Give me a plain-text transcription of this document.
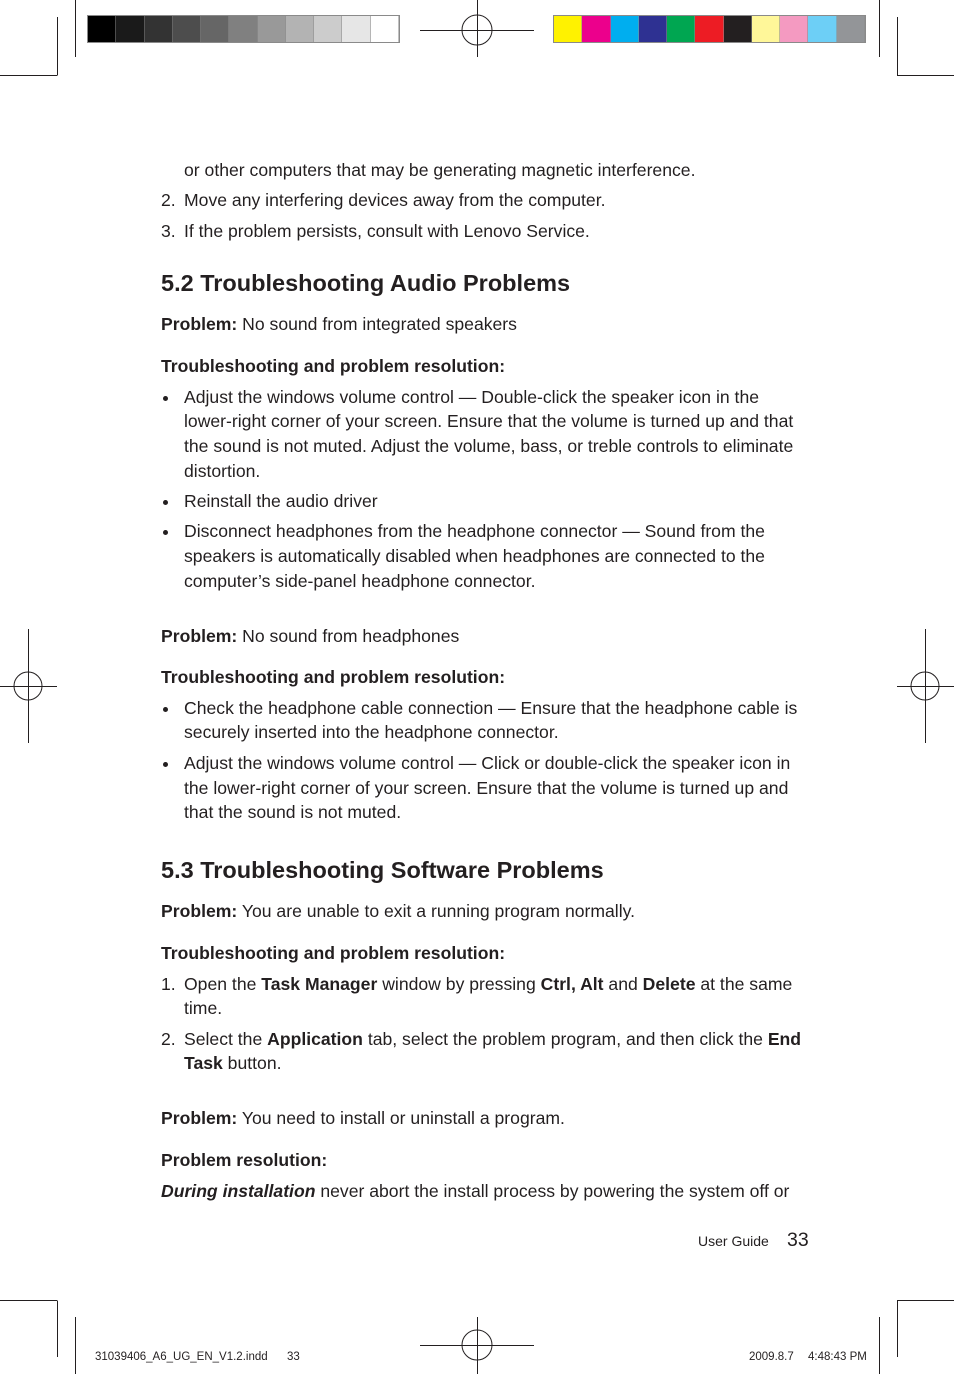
or other computers that may be generating magnetic interference.
2. Move any interfering devices away from the computer.
3. If the problem persists, consult with Lenovo Service.
5.2 Troubleshooting Audio Problems
Problem: No sound from integrated speakers
Troubleshooting and problem resolution:
Adjust the windows volume control — Double-click the speaker icon in the
lower-right corner of your screen. Ensure that the volume is turned up and that
the sound is not muted. Adjust the volume, bass, or treble controls to eliminate
distortion.
Reinstall the audio driver
Disconnect headphones from the headphone connector — Sound from the
speakers is automatically disabled when headphones are connected to the
computer’s side-panel headphone connector.
Problem: No sound from headphones
Troubleshooting and problem resolution:
Check the headphone cable connection — Ensure that the headphone cable is
securely inserted into the headphone connector.
Adjust the windows volume control — Click or double-click the speaker icon in
the lower-right corner of your screen. Ensure that the volume is turned up and
that the sound is not muted.
5.3 Troubleshooting Software Problems
Problem: You are unable to exit a running program normally.
Troubleshooting and problem resolution:
1. Open the Task Manager window by pressing Ctrl, Alt and Delete at the same
time.
2. Select the Application tab, select the problem program, and then click the End
Task button.
Problem: You need to install or uninstall a program.
Problem resolution:
During installation never abort the install process by powering the system off or
User Guide 33
31039406_A6_UG_EN_V1.2.indd 33	2009.8.7 4:48:43 PM
